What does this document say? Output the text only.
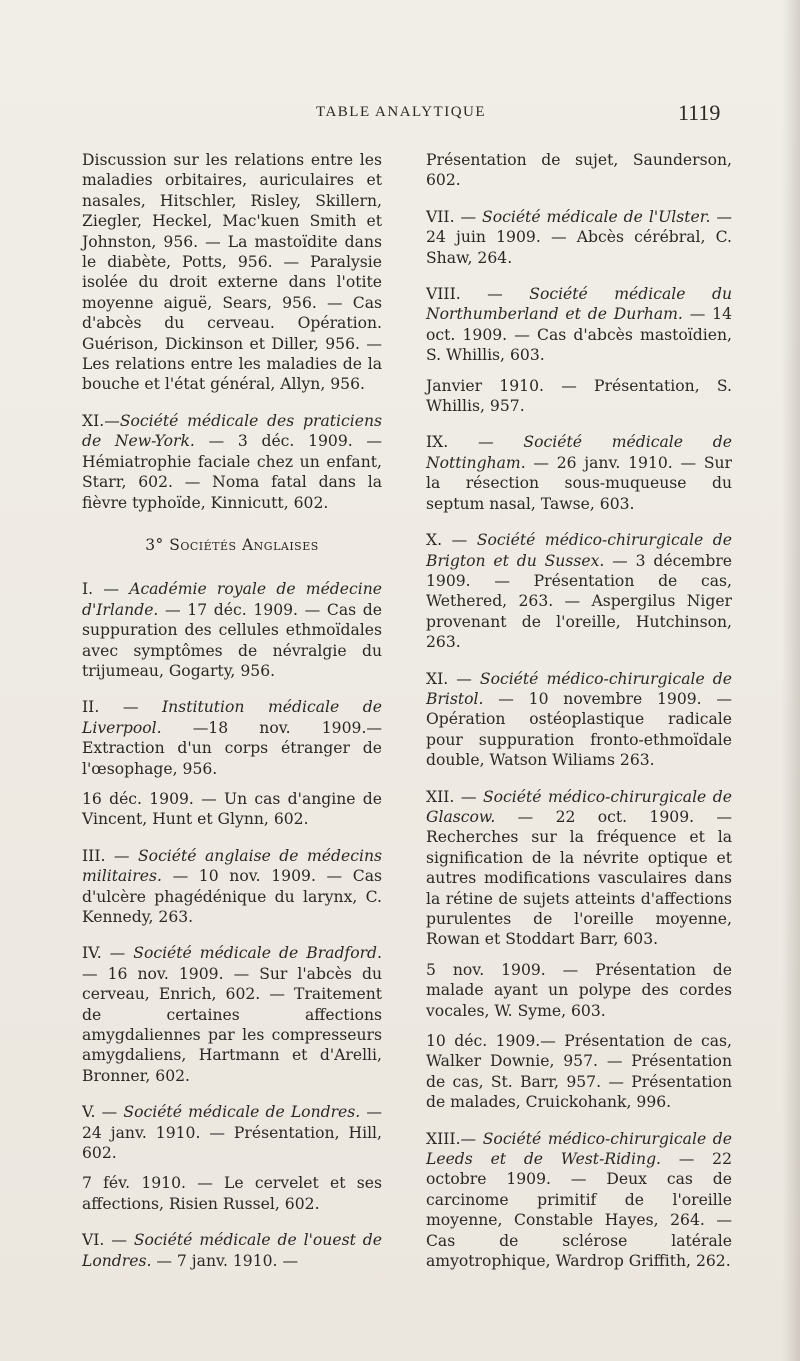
TABLE ANALYTIQUE	1119

Discussion sur les relations entre les maladies orbitaires, auriculaires et nasales, Hitschler, Risley, Skillern, Ziegler, Heckel, Mac'kuen Smith et Johnston, 956. — La mastoïdite dans le diabète, Potts, 956. — Paralysie isolée du droit externe dans l'otite moyenne aiguë, Sears, 956. — Cas d'abcès du cerveau. Opération. Guérison, Dickinson et Diller, 956. — Les relations entre les maladies de la bouche et l'état général, Allyn, 956.

XI.—Société médicale des praticiens de New-York. — 3 déc. 1909. — Hémiatrophie faciale chez un enfant, Starr, 602. — Noma fatal dans la fièvre typhoïde, Kinnicutt, 602.

3° Sociétés Anglaises

I. — Académie royale de médecine d'Irlande. — 17 déc. 1909. — Cas de suppuration des cellules ethmoïdales avec symptômes de névralgie du trijumeau, Gogarty, 956.

II. — Institution médicale de Liverpool. —18 nov. 1909.— Extraction d'un corps étranger de l'œsophage, 956.

16 déc. 1909. — Un cas d'angine de Vincent, Hunt et Glynn, 602.

III. — Société anglaise de médecins militaires. — 10 nov. 1909. — Cas d'ulcère phagédénique du larynx, C. Kennedy, 263.

IV. — Société médicale de Bradford. — 16 nov. 1909. — Sur l'abcès du cerveau, Enrich, 602. — Traitement de certaines affections amygdaliennes par les compresseurs amygdaliens, Hartmann et d'Arelli, Bronner, 602.

V. — Société médicale de Londres. — 24 janv. 1910. — Présentation, Hill, 602.

7 fév. 1910. — Le cervelet et ses affections, Risien Russel, 602.

VI. — Société médicale de l'ouest de Londres. — 7 janv. 1910. —

Présentation de sujet, Saunderson, 602.

VII. — Société médicale de l'Ulster. — 24 juin 1909. — Abcès cérébral, C. Shaw, 264.

VIII. — Société médicale du Northumberland et de Durham. — 14 oct. 1909. — Cas d'abcès mastoïdien, S. Whillis, 603.

Janvier 1910. — Présentation, S. Whillis, 957.

IX. — Société médicale de Nottingham. — 26 janv. 1910. — Sur la résection sous-muqueuse du septum nasal, Tawse, 603.

X. — Société médico-chirurgicale de Brigton et du Sussex. — 3 décembre 1909. — Présentation de cas, Wethered, 263. — Aspergilus Niger provenant de l'oreille, Hutchinson, 263.

XI. — Société médico-chirurgicale de Bristol. — 10 novembre 1909. — Opération ostéoplastique radicale pour suppuration fronto-ethmoïdale double, Watson Wiliams 263.

XII. — Société médico-chirurgicale de Glascow. — 22 oct. 1909. — Recherches sur la fréquence et la signification de la névrite optique et autres modifications vasculaires dans la rétine de sujets atteints d'affections purulentes de l'oreille moyenne, Rowan et Stoddart Barr, 603.

5 nov. 1909. — Présentation de malade ayant un polype des cordes vocales, W. Syme, 603.

10 déc. 1909.— Présentation de cas, Walker Downie, 957. — Présentation de cas, St. Barr, 957. — Présentation de malades, Cruickohank, 996.

XIII.— Société médico-chirurgicale de Leeds et de West-Riding. — 22 octobre 1909. — Deux cas de carcinome primitif de l'oreille moyenne, Constable Hayes, 264. — Cas de sclérose latérale amyotrophique, Wardrop Griffith, 262.
